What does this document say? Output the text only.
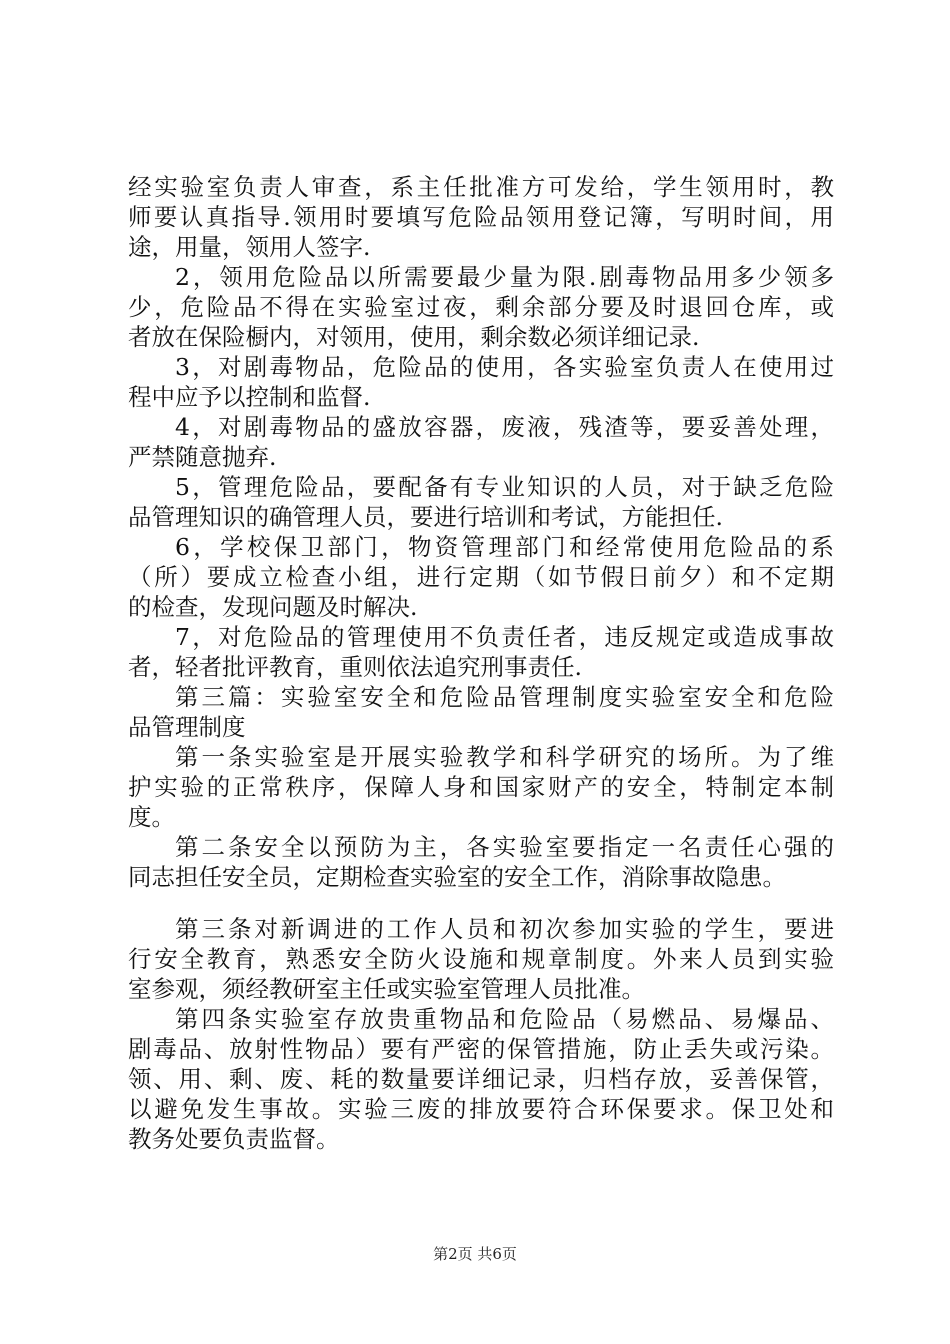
经实验室负责人审查，系主任批准方可发给，学生领用时，教
师要认真指导.领用时要填写危险品领用登记簿，写明时间，用
途，用量，领用人签字.
2，领用危险品以所需要最少量为限.剧毒物品用多少领多
少，危险品不得在实验室过夜，剩余部分要及时退回仓库，或
者放在保险橱内，对领用，使用，剩余数必须详细记录.
3，对剧毒物品，危险品的使用，各实验室负责人在使用过
程中应予以控制和监督.
4，对剧毒物品的盛放容器，废液，残渣等，要妥善处理，
严禁随意抛弃.
5，管理危险品，要配备有专业知识的人员，对于缺乏危险
品管理知识的确管理人员，要进行培训和考试，方能担任.
6，学校保卫部门，物资管理部门和经常使用危险品的系
（所）要成立检查小组，进行定期（如节假日前夕）和不定期
的检查，发现问题及时解决.
7，对危险品的管理使用不负责任者，违反规定或造成事故
者，轻者批评教育，重则依法追究刑事责任.
第三篇：实验室安全和危险品管理制度实验室安全和危险
品管理制度
第一条实验室是开展实验教学和科学研究的场所。为了维
护实验的正常秩序，保障人身和国家财产的安全，特制定本制
度。
第二条安全以预防为主，各实验室要指定一名责任心强的
同志担任安全员，定期检查实验室的安全工作，消除事故隐患。
第三条对新调进的工作人员和初次参加实验的学生，要进
行安全教育，熟悉安全防火设施和规章制度。外来人员到实验
室参观，须经教研室主任或实验室管理人员批准。
第四条实验室存放贵重物品和危险品（易燃品、易爆品、
剧毒品、放射性物品）要有严密的保管措施，防止丢失或污染。
领、用、剩、废、耗的数量要详细记录，归档存放，妥善保管，
以避免发生事故。实验三废的排放要符合环保要求。保卫处和
教务处要负责监督。
第2页 共6页
